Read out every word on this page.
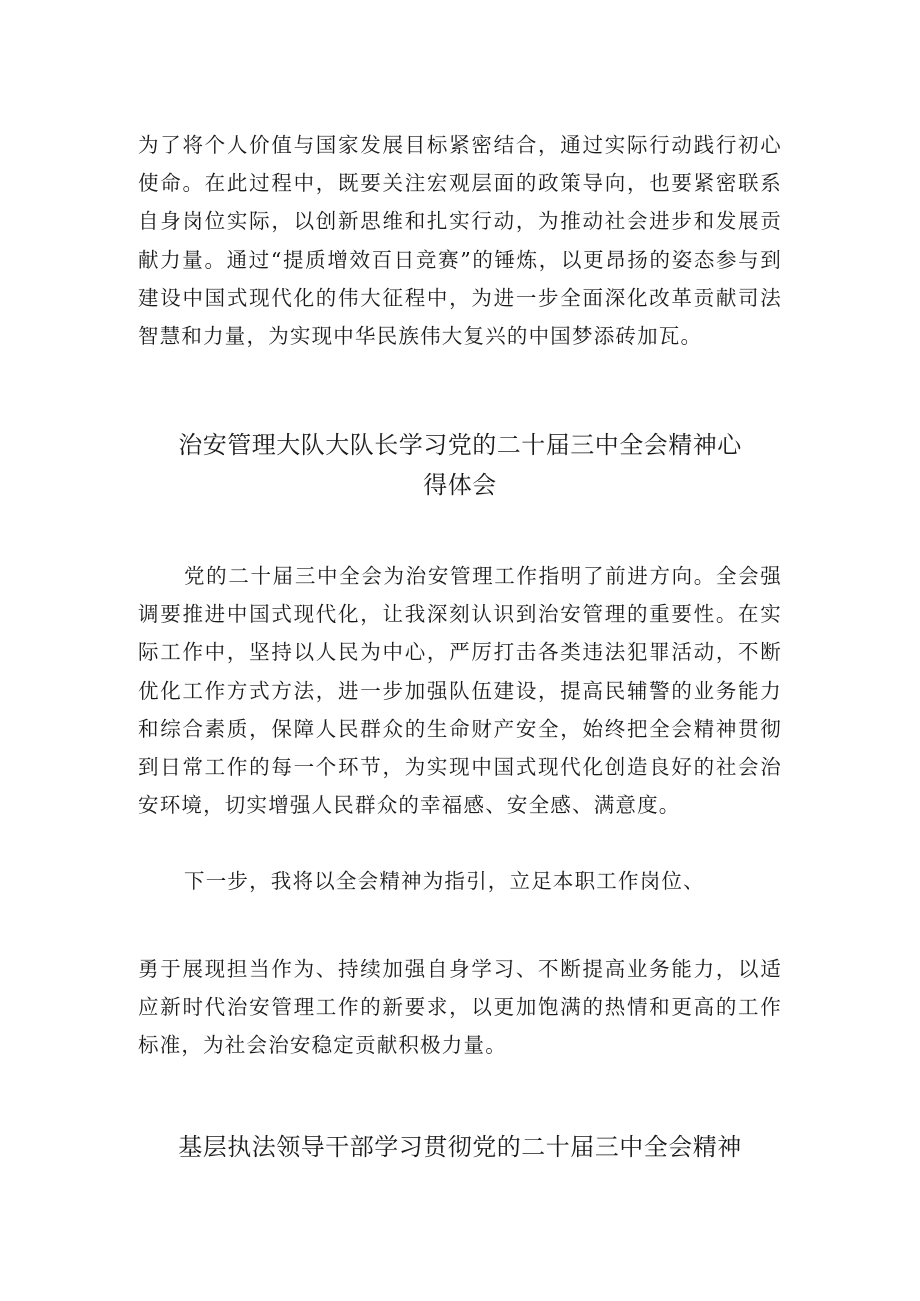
为了将个人价值与国家发展目标紧密结合，通过实际行动践行初心使命。在此过程中，既要关注宏观层面的政策导向，也要紧密联系自身岗位实际，以创新思维和扎实行动，为推动社会进步和发展贡献力量。通过“提质增效百日竞赛”的锤炼，以更昂扬的姿态参与到建设中国式现代化的伟大征程中，为进一步全面深化改革贡献司法智慧和力量，为实现中华民族伟大复兴的中国梦添砖加瓦。

治安管理大队大队长学习党的二十届三中全会精神心
得体会

党的二十届三中全会为治安管理工作指明了前进方向。全会强调要推进中国式现代化，让我深刻认识到治安管理的重要性。在实际工作中，坚持以人民为中心，严厉打击各类违法犯罪活动，不断优化工作方式方法，进一步加强队伍建设，提高民辅警的业务能力和综合素质，保障人民群众的生命财产安全，始终把全会精神贯彻到日常工作的每一个环节，为实现中国式现代化创造良好的社会治安环境，切实增强人民群众的幸福感、安全感、满意度。

下一步，我将以全会精神为指引，立足本职工作岗位、

勇于展现担当作为、持续加强自身学习、不断提高业务能力，以适应新时代治安管理工作的新要求，以更加饱满的热情和更高的工作标准，为社会治安稳定贡献积极力量。

基层执法领导干部学习贯彻党的二十届三中全会精神
